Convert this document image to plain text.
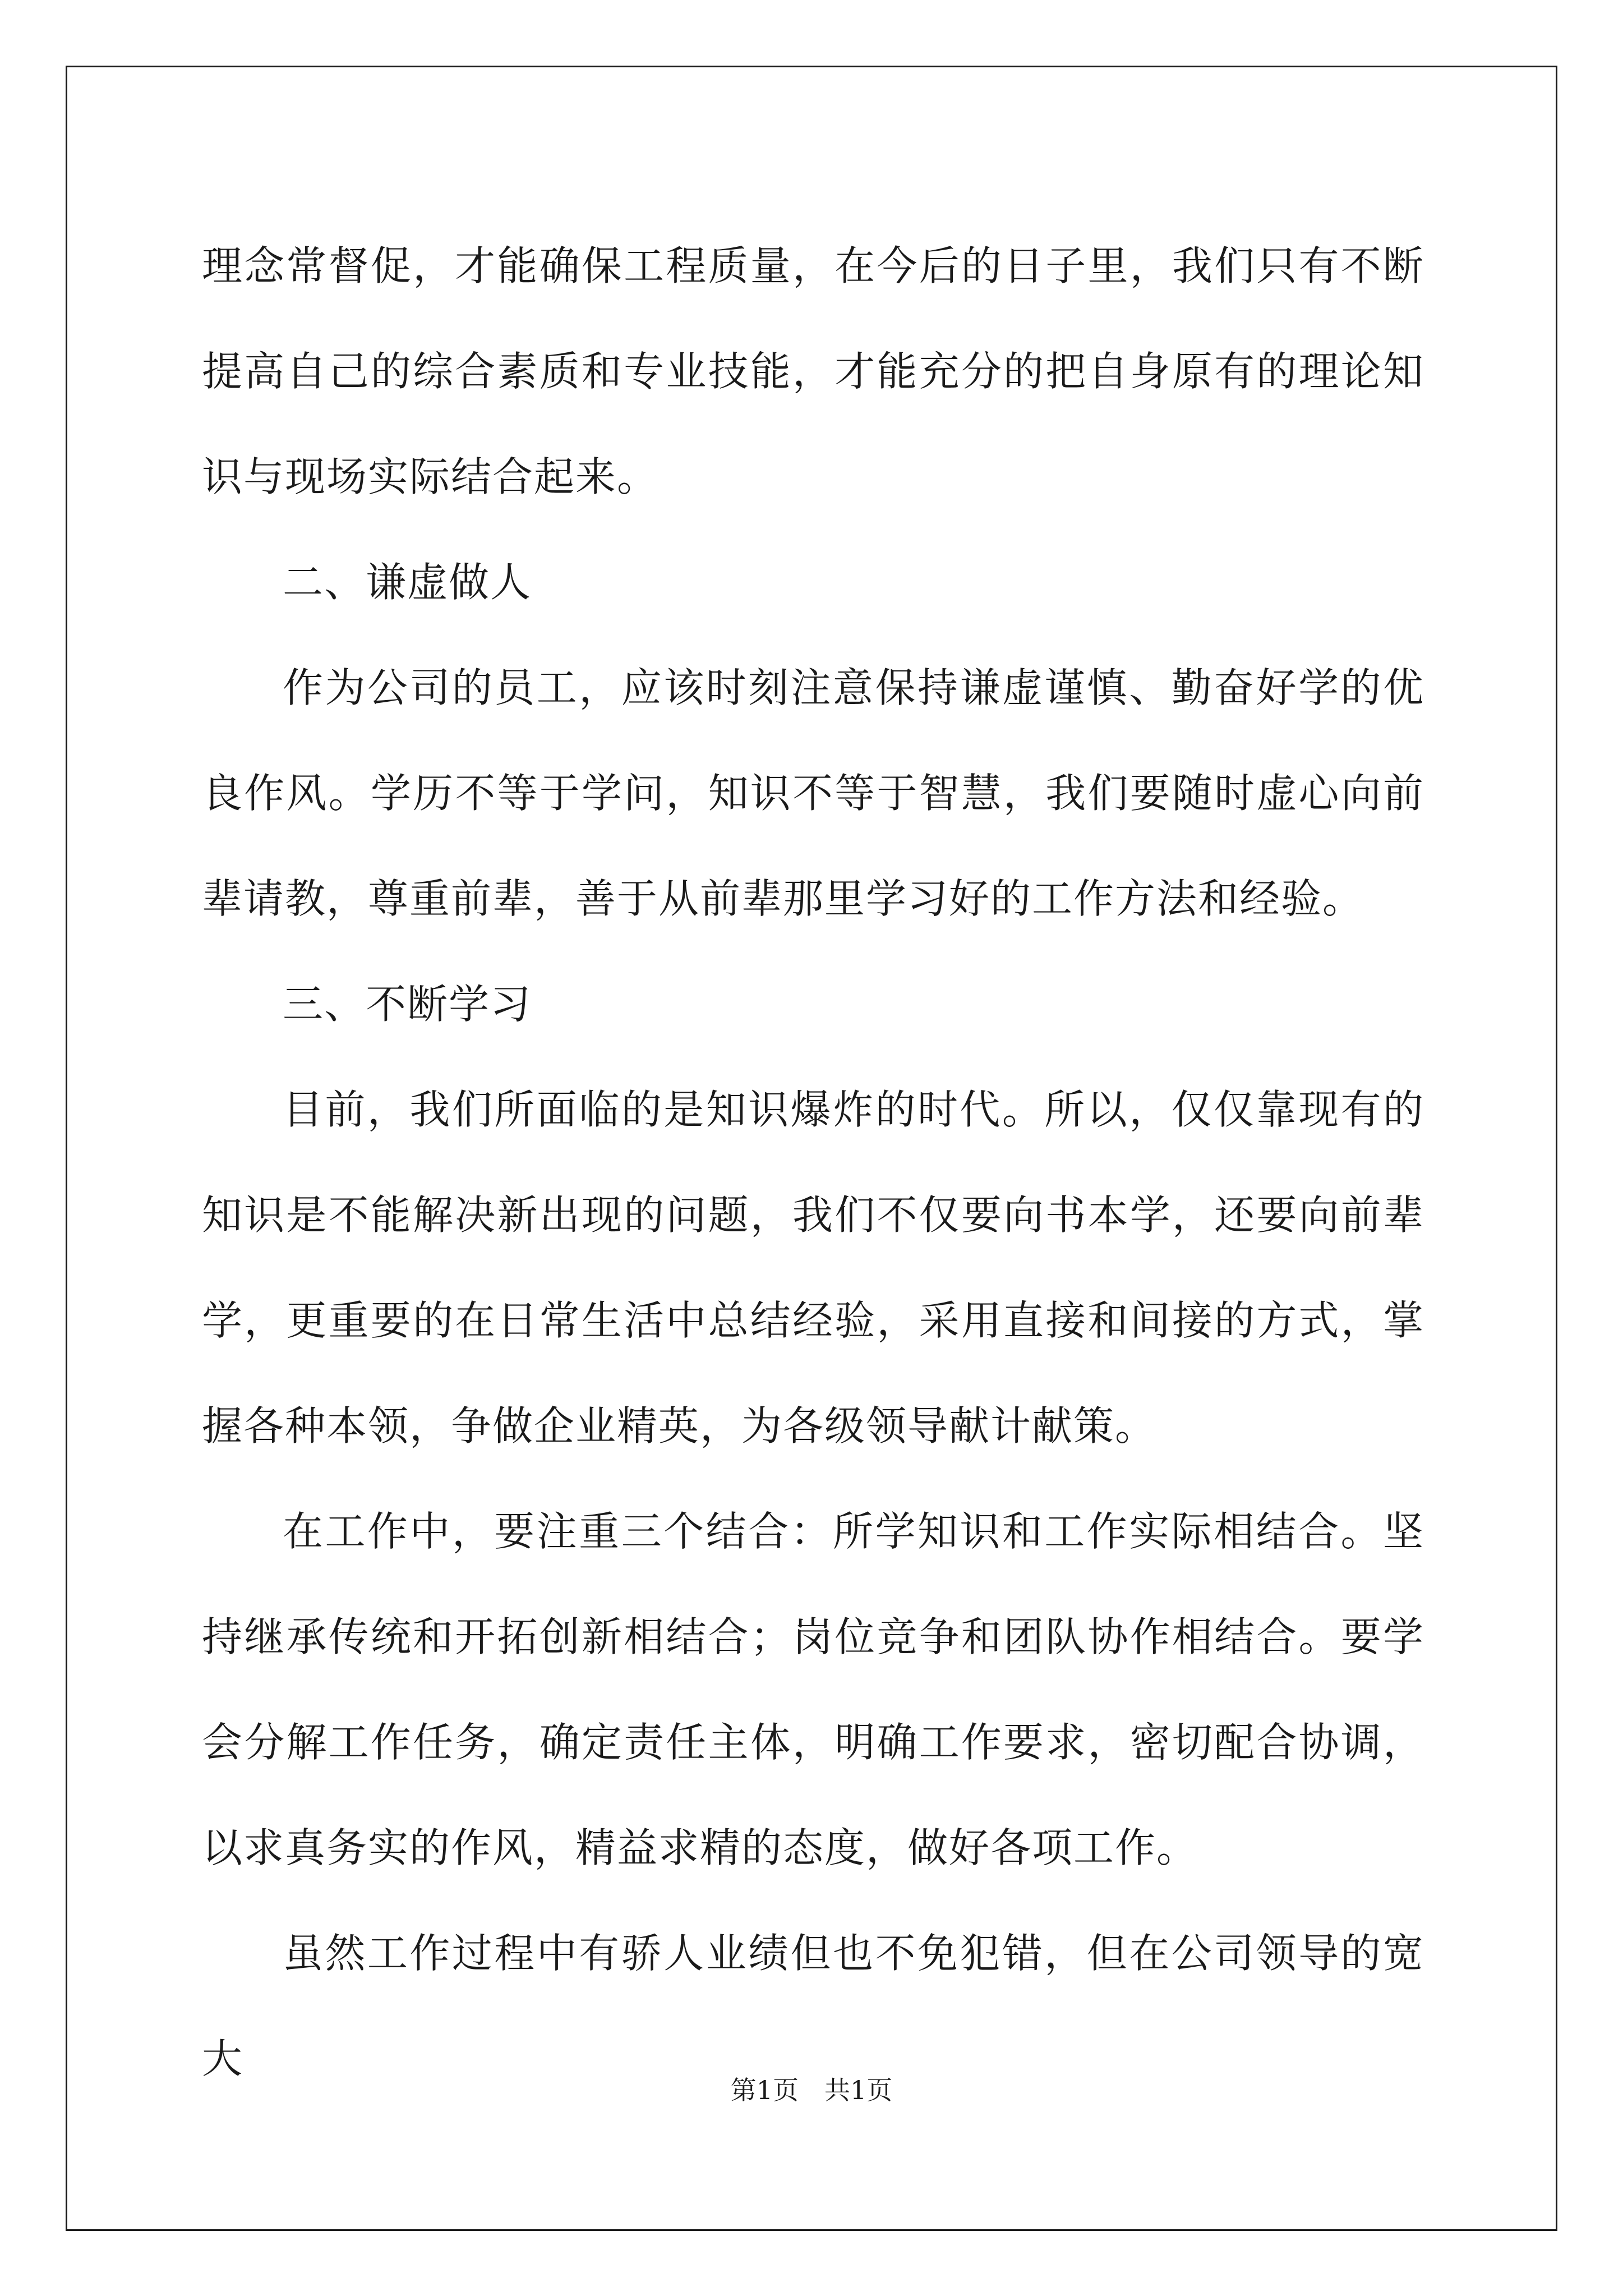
理念常督促，才能确保工程质量，在今后的日子里，我们只有不断提高自己的综合素质和专业技能，才能充分的把自身原有的理论知识与现场实际结合起来。

二、谦虚做人

作为公司的员工，应该时刻注意保持谦虚谨慎、勤奋好学的优良作风。学历不等于学问，知识不等于智慧，我们要随时虚心向前辈请教，尊重前辈，善于从前辈那里学习好的工作方法和经验。

三、不断学习

目前，我们所面临的是知识爆炸的时代。所以，仅仅靠现有的知识是不能解决新出现的问题，我们不仅要向书本学，还要向前辈学，更重要的在日常生活中总结经验，采用直接和间接的方式，掌握各种本领，争做企业精英，为各级领导献计献策。

在工作中，要注重三个结合：所学知识和工作实际相结合。坚持继承传统和开拓创新相结合；岗位竞争和团队协作相结合。要学会分解工作任务，确定责任主体，明确工作要求，密切配合协调，以求真务实的作风，精益求精的态度，做好各项工作。

虽然工作过程中有骄人业绩但也不免犯错，但在公司领导的宽大

第1页　共1页
